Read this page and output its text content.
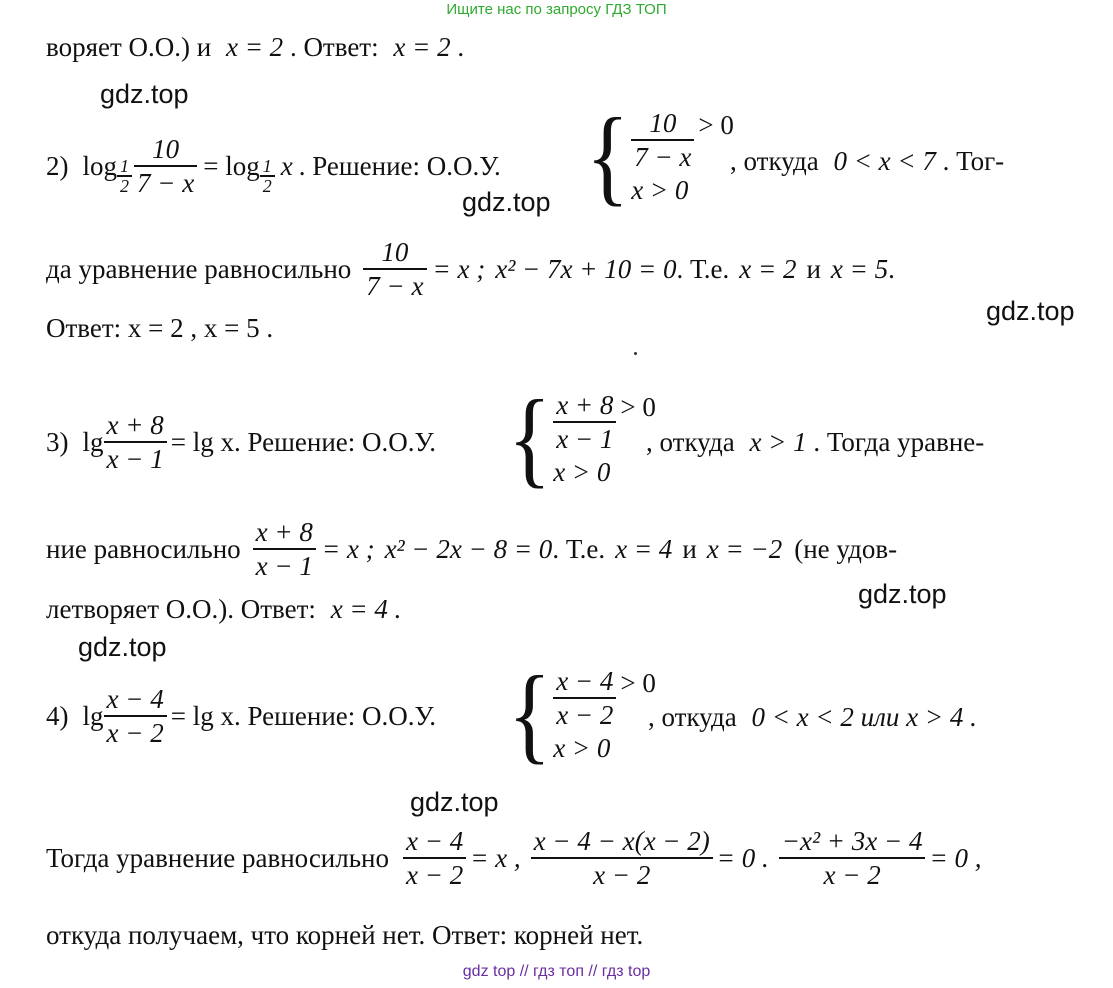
Ищите нас по запросу ГДЗ ТОП
gdz top // гдз топ // гдз top
gdz.top
gdz.top
gdz.top
gdz.top
gdz.top
gdz.top
воряет О.О.) и x = 2 . Ответ: x = 2 .
2) $\log \frac{1}{2} \frac{10}{7 - x} = \log \frac{1}{2}$ x . Решение: О.О.У. { $\frac{10}{7 - x} > 0$
x > 0
, откуда 0 < x < 7 . Тог-
да уравнение равносильно $\frac{10}{7 - x} = x$ ; x² − 7x + 10 = 0 . Т.е. x = 2 и x = 5 .
Ответ: x = 2 , x = 5 .
3) $\lg \frac{x + 8}{x - 1} = \lg x$ . Решение: О.О.У. { $\frac{x + 8}{x - 1} > 0$
x > 0
, откуда x > 1 . Тогда уравне-
ние равносильно $\frac{x + 8}{x - 1} = x$ ; x² − 2x − 8 = 0 . Т.е. x = 4 и x = −2 (не удов-
летворяет О.О.). Ответ: x = 4 .
4) $\lg \frac{x - 4}{x - 2} = \lg x$ . Решение: О.О.У. { $\frac{x - 4}{x - 2} > 0$
x > 0
, откуда 0 < x < 2 или x > 4 .
Тогда уравнение равносильно $\frac{x - 4}{x - 2} = x$ , $\frac{x - 4 - x(x - 2)}{x - 2} = 0$ . $\frac{\text{−x² + 3x − 4}}{x - 2} = 0$ ,
откуда получаем, что корней нет. Ответ: корней нет.
